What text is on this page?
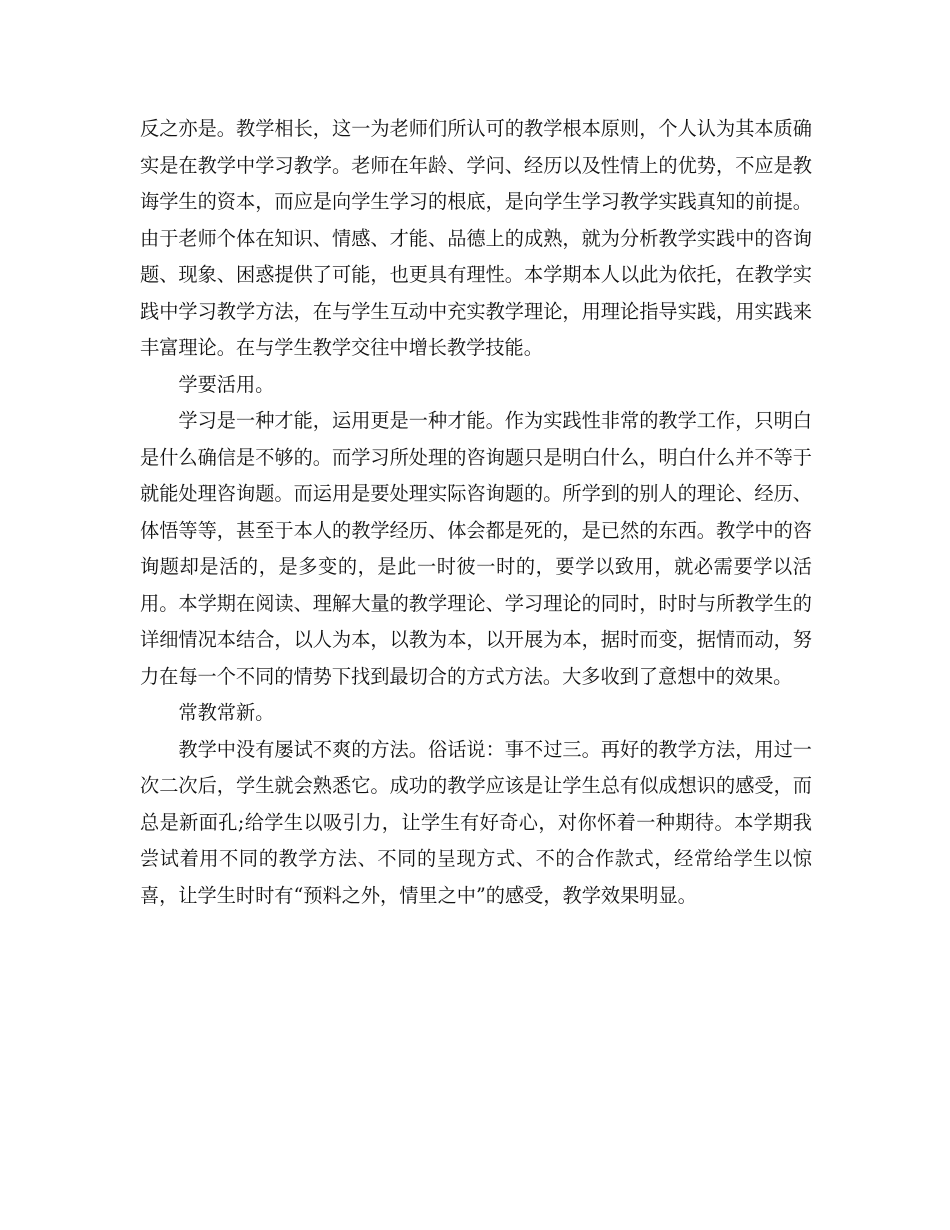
反之亦是。教学相长，这一为老师们所认可的教学根本原则，个人认为其本质确实是在教学中学习教学。老师在年龄、学问、经历以及性情上的优势，不应是教诲学生的资本，而应是向学生学习的根底，是向学生学习教学实践真知的前提。由于老师个体在知识、情感、才能、品德上的成熟，就为分析教学实践中的咨询题、现象、困惑提供了可能，也更具有理性。本学期本人以此为依托，在教学实践中学习教学方法，在与学生互动中充实教学理论，用理论指导实践，用实践来丰富理论。在与学生教学交往中增长教学技能。

学要活用。

学习是一种才能，运用更是一种才能。作为实践性非常的教学工作，只明白是什么确信是不够的。而学习所处理的咨询题只是明白什么，明白什么并不等于就能处理咨询题。而运用是要处理实际咨询题的。所学到的别人的理论、经历、体悟等等，甚至于本人的教学经历、体会都是死的，是已然的东西。教学中的咨询题却是活的，是多变的，是此一时彼一时的，要学以致用，就必需要学以活用。本学期在阅读、理解大量的教学理论、学习理论的同时，时时与所教学生的详细情况本结合，以人为本，以教为本，以开展为本，据时而变，据情而动，努力在每一个不同的情势下找到最切合的方式方法。大多收到了意想中的效果。

常教常新。

教学中没有屡试不爽的方法。俗话说：事不过三。再好的教学方法，用过一次二次后，学生就会熟悉它。成功的教学应该是让学生总有似成想识的感受，而总是新面孔;给学生以吸引力，让学生有好奇心，对你怀着一种期待。本学期我尝试着用不同的教学方法、不同的呈现方式、不的合作款式，经常给学生以惊喜，让学生时时有“预料之外，情里之中”的感受，教学效果明显。
